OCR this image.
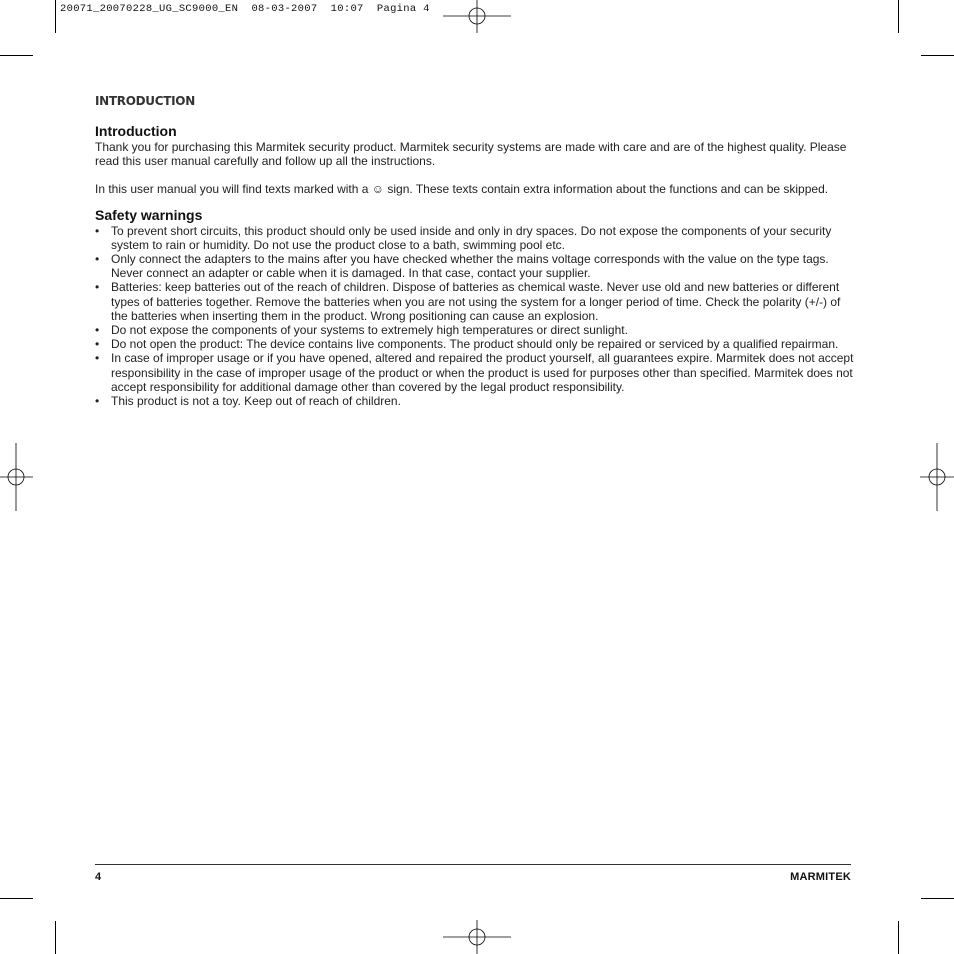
20071_20070228_UG_SC9000_EN 08-03-2007 10:07 Pagina 4
INTRODUCTION
Introduction

Thank you for purchasing this Marmitek security product. Marmitek security systems are made with care and are of the highest quality. Please read this user manual carefully and follow up all the instructions.

In this user manual you will find texts marked with a ☺ sign. These texts contain extra information about the functions and can be skipped.

Safety warnings
• To prevent short circuits, this product should only be used inside and only in dry spaces. Do not expose the components of your security system to rain or humidity. Do not use the product close to a bath, swimming pool etc.
• Only connect the adapters to the mains after you have checked whether the mains voltage corresponds with the value on the type tags. Never connect an adapter or cable when it is damaged. In that case, contact your supplier.
• Batteries: keep batteries out of the reach of children. Dispose of batteries as chemical waste. Never use old and new batteries or different types of batteries together. Remove the batteries when you are not using the system for a longer period of time. Check the polarity (+/-) of the batteries when inserting them in the product. Wrong positioning can cause an explosion.
• Do not expose the components of your systems to extremely high temperatures or direct sunlight.
• Do not open the product: The device contains live components. The product should only be repaired or serviced by a qualified repairman.
• In case of improper usage or if you have opened, altered and repaired the product yourself, all guarantees expire. Marmitek does not accept responsibility in the case of improper usage of the product or when the product is used for purposes other than specified. Marmitek does not accept responsibility for additional damage other than covered by the legal product responsibility.
• This product is not a toy. Keep out of reach of children.
4	MARMITEK
